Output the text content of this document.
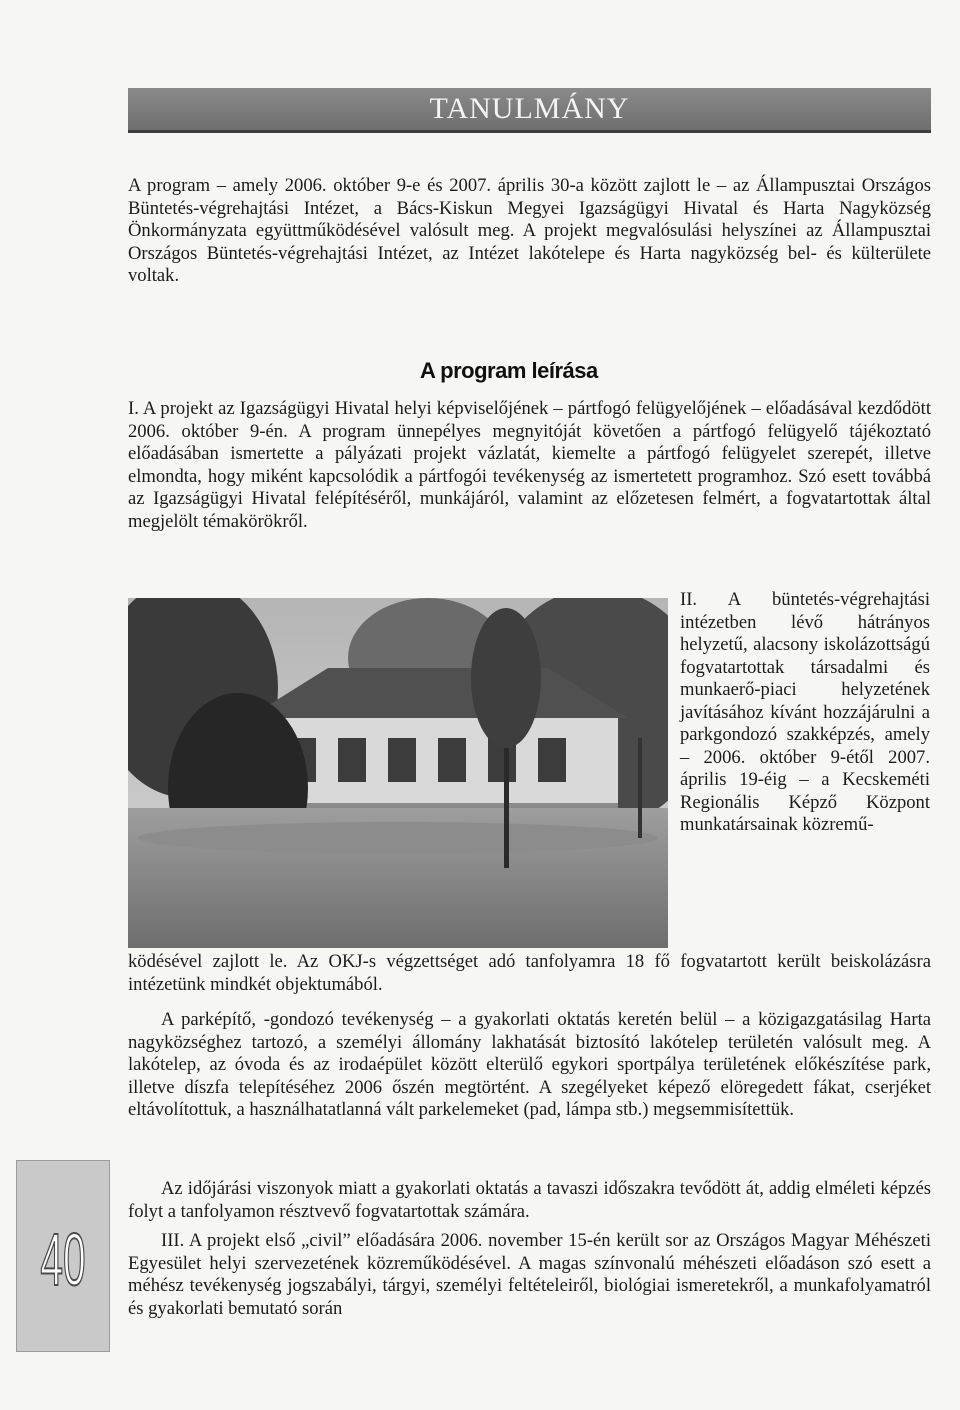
TANULMÁNY

A program – amely 2006. október 9-e és 2007. április 30-a között zajlott le – az Állampusztai Országos Büntetés-végrehajtási Intézet, a Bács-Kiskun Megyei Igazságügyi Hivatal és Harta Nagyközség Önkormányzata együttműködésével valósult meg. A projekt megvalósulási helyszínei az Állampusztai Országos Büntetés-végrehajtási Intézet, az Intézet lakótelepe és Harta nagyközség bel- és külterülete voltak.

A program leírása

I. A projekt az Igazságügyi Hivatal helyi képviselőjének – pártfogó felügyelőjének – előadásával kezdődött 2006. október 9-én. A program ünnepélyes megnyitóját követően a pártfogó felügyelő tájékoztató előadásában ismertette a pályázati projekt vázlatát, kiemelte a pártfogó felügyelet szerepét, illetve elmondta, hogy miként kapcsolódik a pártfogói tevékenység az ismertetett programhoz. Szó esett továbbá az Igazságügyi Hivatal felépítéséről, munkájáról, valamint az előzetesen felmért, a fogvatartottak által megjelölt témakörökről.

II. A büntetés-végrehajtási intézetben lévő hátrányos helyzetű, alacsony iskolázottságú fogvatartottak társadalmi és munkaerő-piaci helyzetének javításához kívánt hozzájárulni a parkgondozó szakképzés, amely – 2006. október 9-étől 2007. április 19-éig – a Kecskeméti Regionális Képző Központ munkatársainak közremű-

ködésével zajlott le. Az OKJ-s végzettséget adó tanfolyamra 18 fő fogvatartott került beiskolázásra intézetünk mindkét objektumából.

A parképítő, -gondozó tevékenység – a gyakorlati oktatás keretén belül – a közigazgatásilag Harta nagyközséghez tartozó, a személyi állomány lakhatását biztosító lakótelep területén valósult meg. A lakótelep, az óvoda és az irodaépület között elterülő egykori sportpálya területének előkészítése park, illetve díszfa telepítéséhez 2006 őszén megtörtént. A szegélyeket képező elöregedett fákat, cserjéket eltávolítottuk, a használhatatlanná vált parkelemeket (pad, lámpa stb.) megsemmisítettük.

Az időjárási viszonyok miatt a gyakorlati oktatás a tavaszi időszakra tevődött át, addig elméleti képzés folyt a tanfolyamon résztvevő fogvatartottak számára.

III. A projekt első „civil” előadására 2006. november 15-én került sor az Országos Magyar Méhészeti Egyesület helyi szervezetének közreműködésével. A magas színvonalú méhészeti előadáson szó esett a méhész tevékenység jogszabályi, tárgyi, személyi feltételeiről, biológiai ismeretekről, a munkafolyamatról és gyakorlati bemutató során

40
